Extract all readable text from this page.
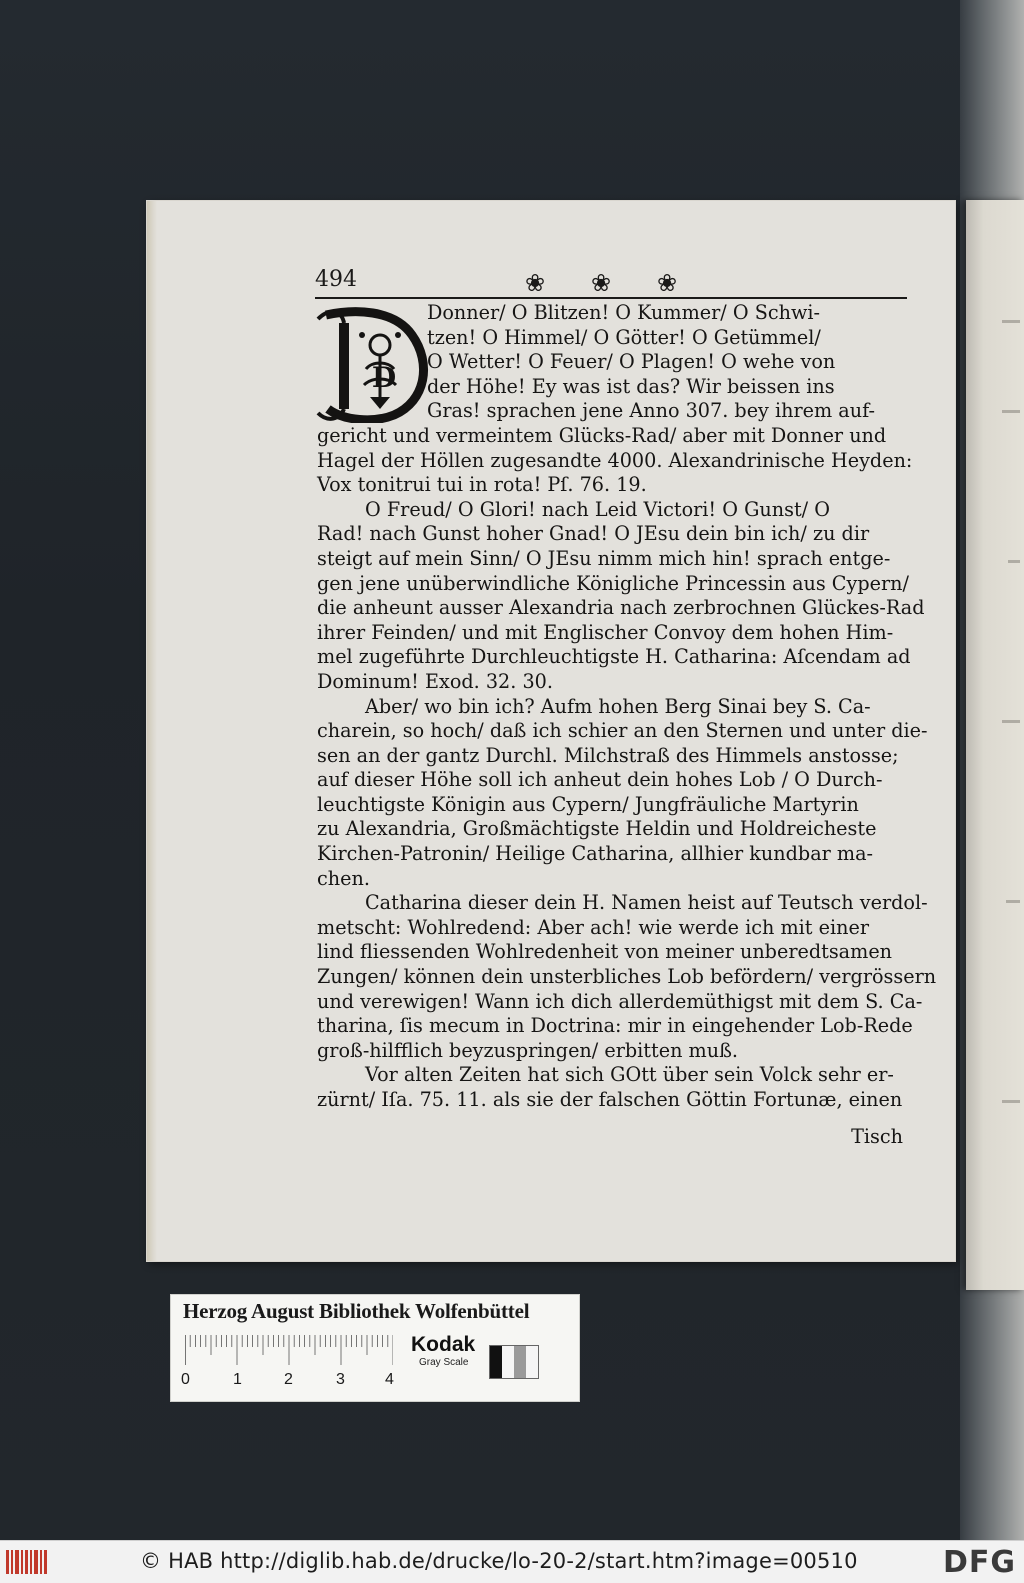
494	❀ ❀ ❀
D

Donner/ O Blitzen! O Kummer/ O Schwi-
tzen! O Himmel/ O Götter! O Getümmel/
O Wetter! O Feuer/ O Plagen! O wehe von
der Höhe! Ey was ist das? Wir beissen ins
Gras! sprachen jene Anno 307. bey ihrem auf-
gericht und vermeintem Glücks-Rad/ aber mit Donner und
Hagel der Höllen zugesandte 4000. Alexandrinische Heyden:
Vox tonitrui tui in rota! Pſ. 76. 19.

O Freud/ O Glori! nach Leid Victori! O Gunst/ O
Rad! nach Gunst hoher Gnad! O JEsu dein bin ich/ zu dir
steigt auf mein Sinn/ O JEsu nimm mich hin! sprach entge-
gen jene unüberwindliche Königliche Princessin aus Cypern/
die anheunt ausser Alexandria nach zerbrochnen Glückes-Rad
ihrer Feinden/ und mit Englischer Convoy dem hohen Him-
mel zugeführte Durchleuchtigste H. Catharina: Aſcendam ad
Dominum! Exod. 32. 30.

Aber/ wo bin ich? Aufm hohen Berg Sinai bey S. Ca-
charein, so hoch/ daß ich schier an den Sternen und unter die-
sen an der gantz Durchl. Milchstraß des Himmels anstosse;
auf dieser Höhe soll ich anheut dein hohes Lob / O Durch-
leuchtigste Königin aus Cypern/ Jungfräuliche Martyrin
zu Alexandria, Großmächtigste Heldin und Holdreicheste
Kirchen-Patronin/ Heilige Catharina, allhier kundbar ma-
chen.

Catharina dieser dein H. Namen heist auf Teutsch verdol-
metscht: Wohlredend: Aber ach! wie werde ich mit einer
lind fliessenden Wohlredenheit von meiner unberedtsamen
Zungen/ können dein unsterbliches Lob befördern/ vergrössern
und verewigen! Wann ich dich allerdemüthigst mit dem S. Ca-
tharina, ſis mecum in Doctrina: mir in eingehender Lob-Rede
groß-hilfflich beyzuspringen/ erbitten muß.

Vor alten Zeiten hat sich GOtt über sein Volck sehr er-
zürnt/ Iſa. 75. 11. als sie der falschen Göttin Fortunæ, einen

Tisch
Herzog August Bibliothek Wolfenbüttel
0	1	2	3	4
Kodak
Gray Scale
© HAB http://diglib.hab.de/drucke/lo-20-2/start.htm?image=00510	DFG
